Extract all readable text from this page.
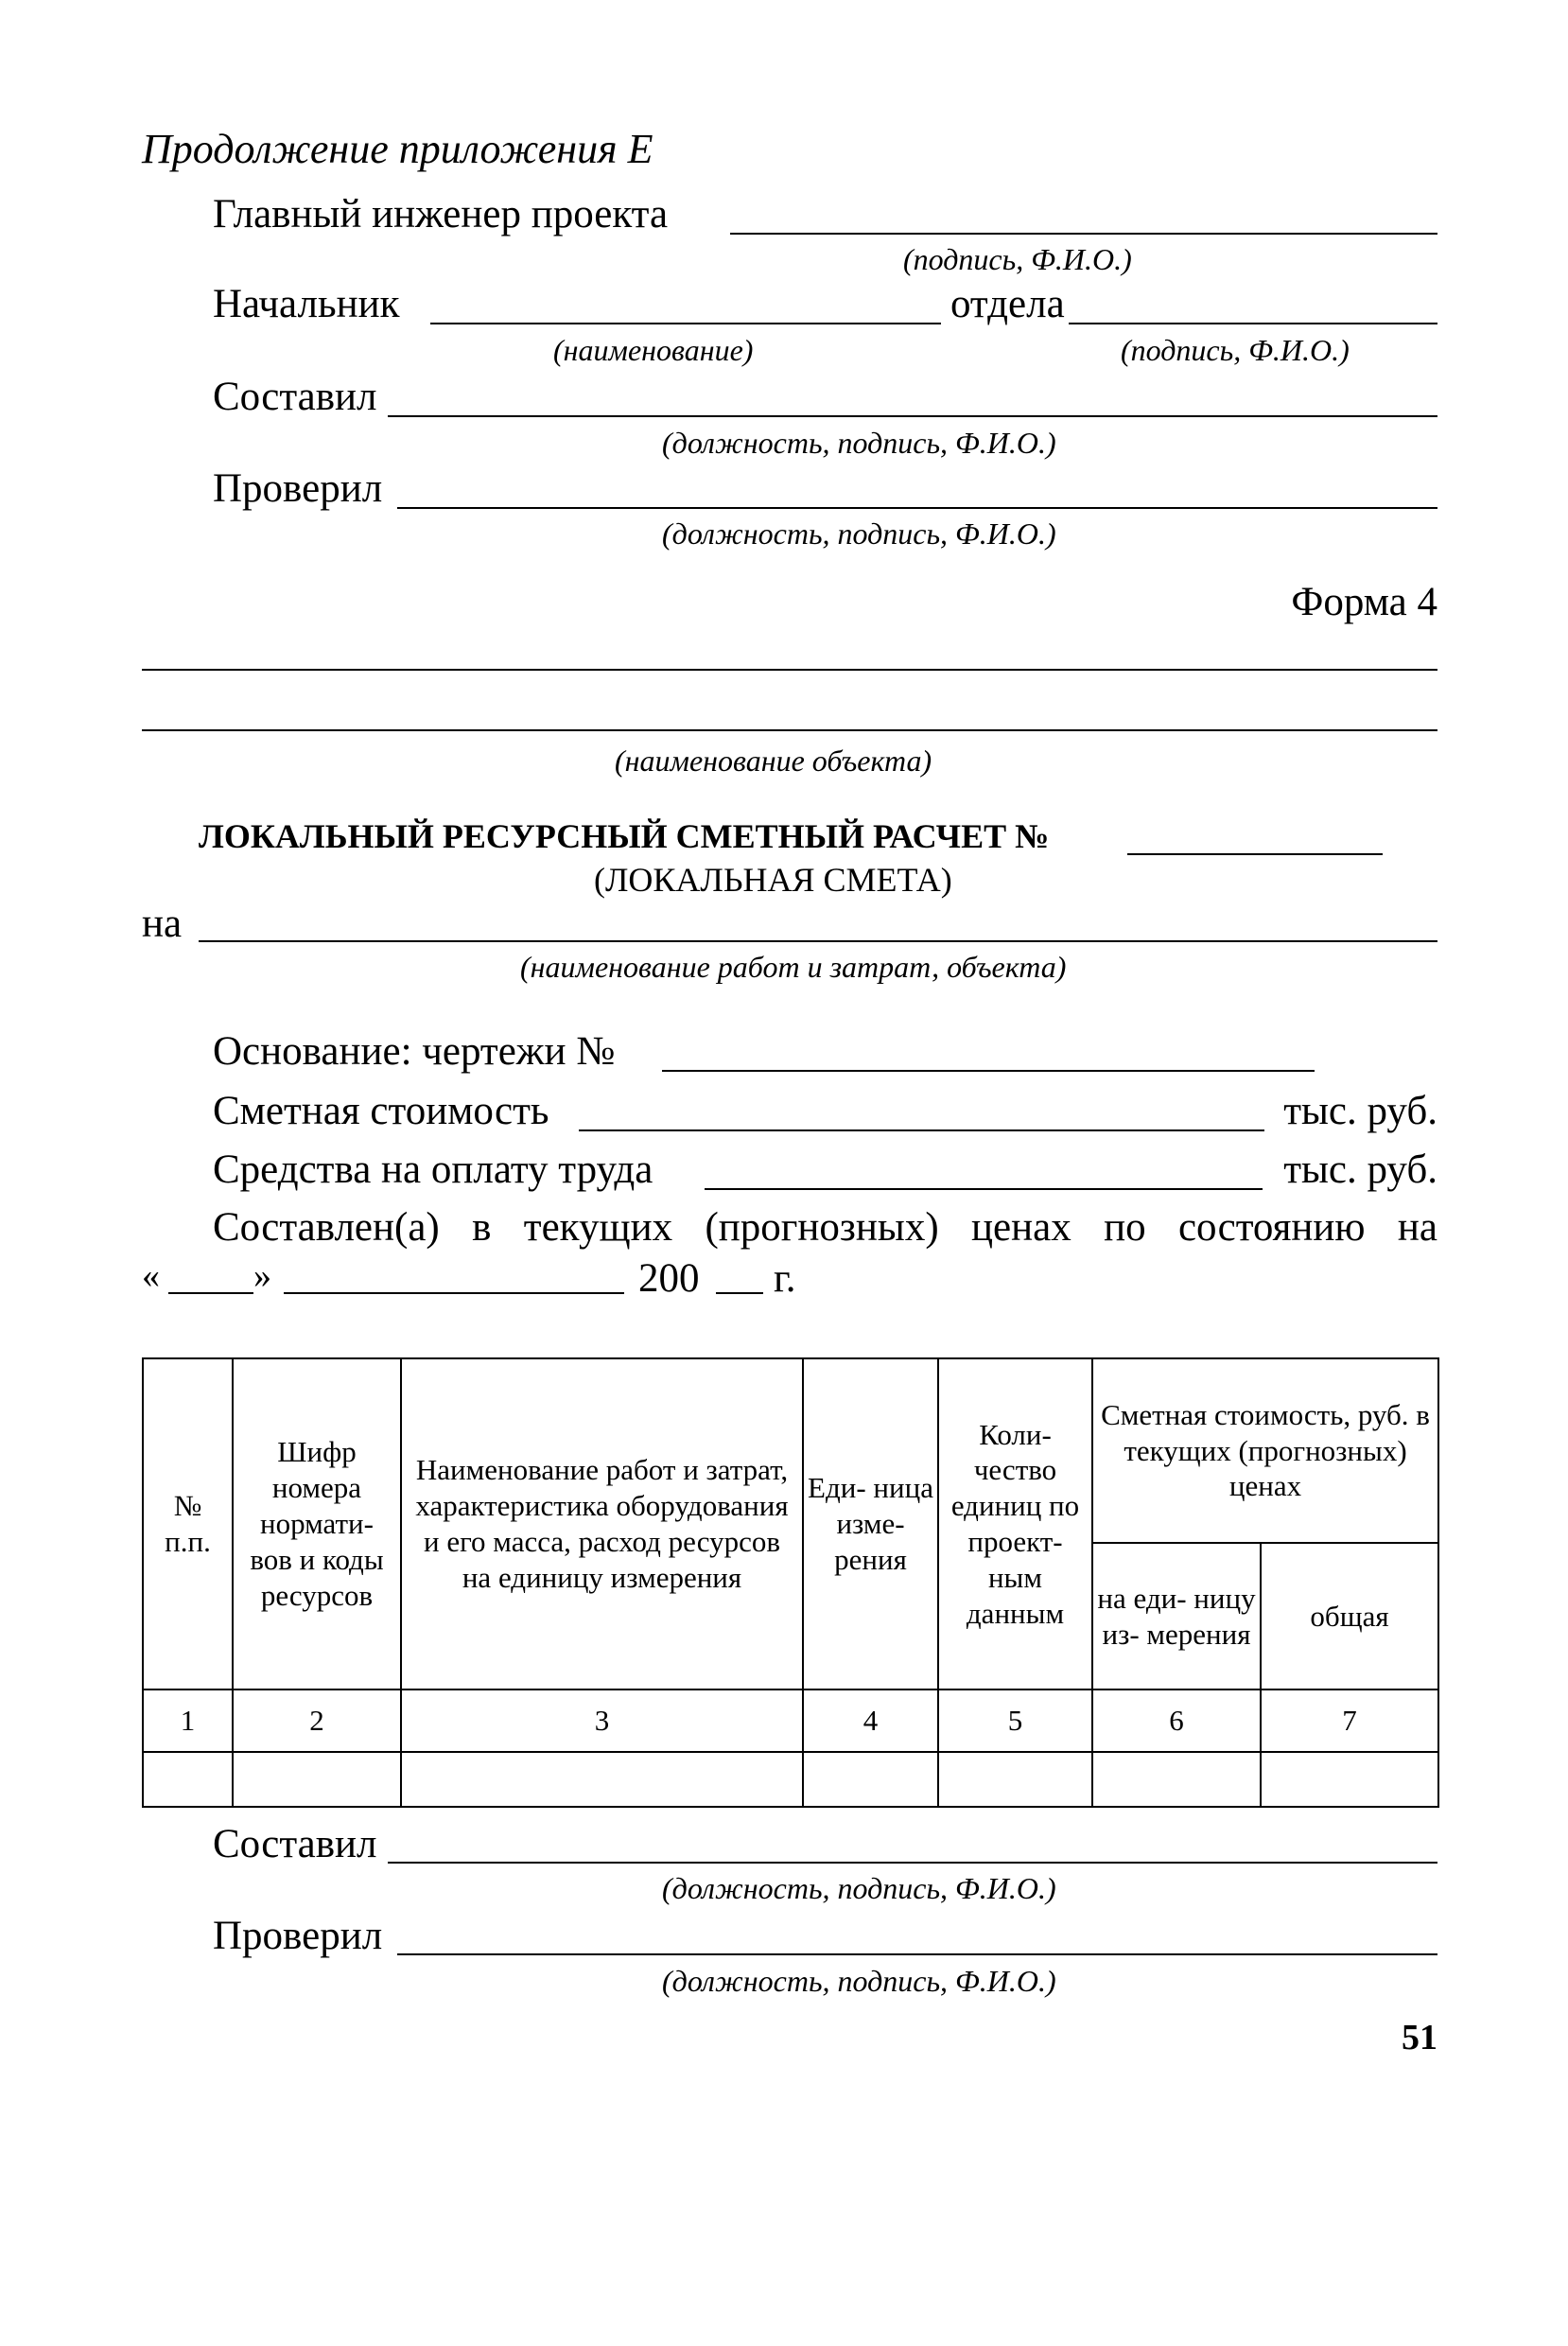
Продолжение приложения Е
Главный инженер проекта
(подпись, Ф.И.О.)
Начальник	отдела
(наименование)	(подпись, Ф.И.О.)
Составил
(должность, подпись, Ф.И.О.)
Проверил
(должность, подпись, Ф.И.О.)
Форма 4
(наименование объекта)
ЛОКАЛЬНЫЙ РЕСУРСНЫЙ СМЕТНЫЙ РАСЧЕТ №
(ЛОКАЛЬНАЯ СМЕТА)
на
(наименование работ и затрат, объекта)
Основание: чертежи №
Сметная стоимость	тыс. руб.
Средства на оплату труда	тыс. руб.
Составлен(а) в текущих (прогнозных) ценах по состоянию на
«	»	200 г.
№ п.п.	Шифр номера нормати- вов и коды ресурсов	Наименование работ и затрат, характеристика оборудования и его масса, расход ресурсов на единицу измерения	Еди- ница изме- рения	Коли- чество единиц по проект- ным данным	Сметная стоимость, руб. в текущих (прогнозных) ценах	
					на еди- ницу из- мерения	общая
1	2	3	4	5	6	7

Составил
(должность, подпись, Ф.И.О.)
Проверил
(должность, подпись, Ф.И.О.)
51
